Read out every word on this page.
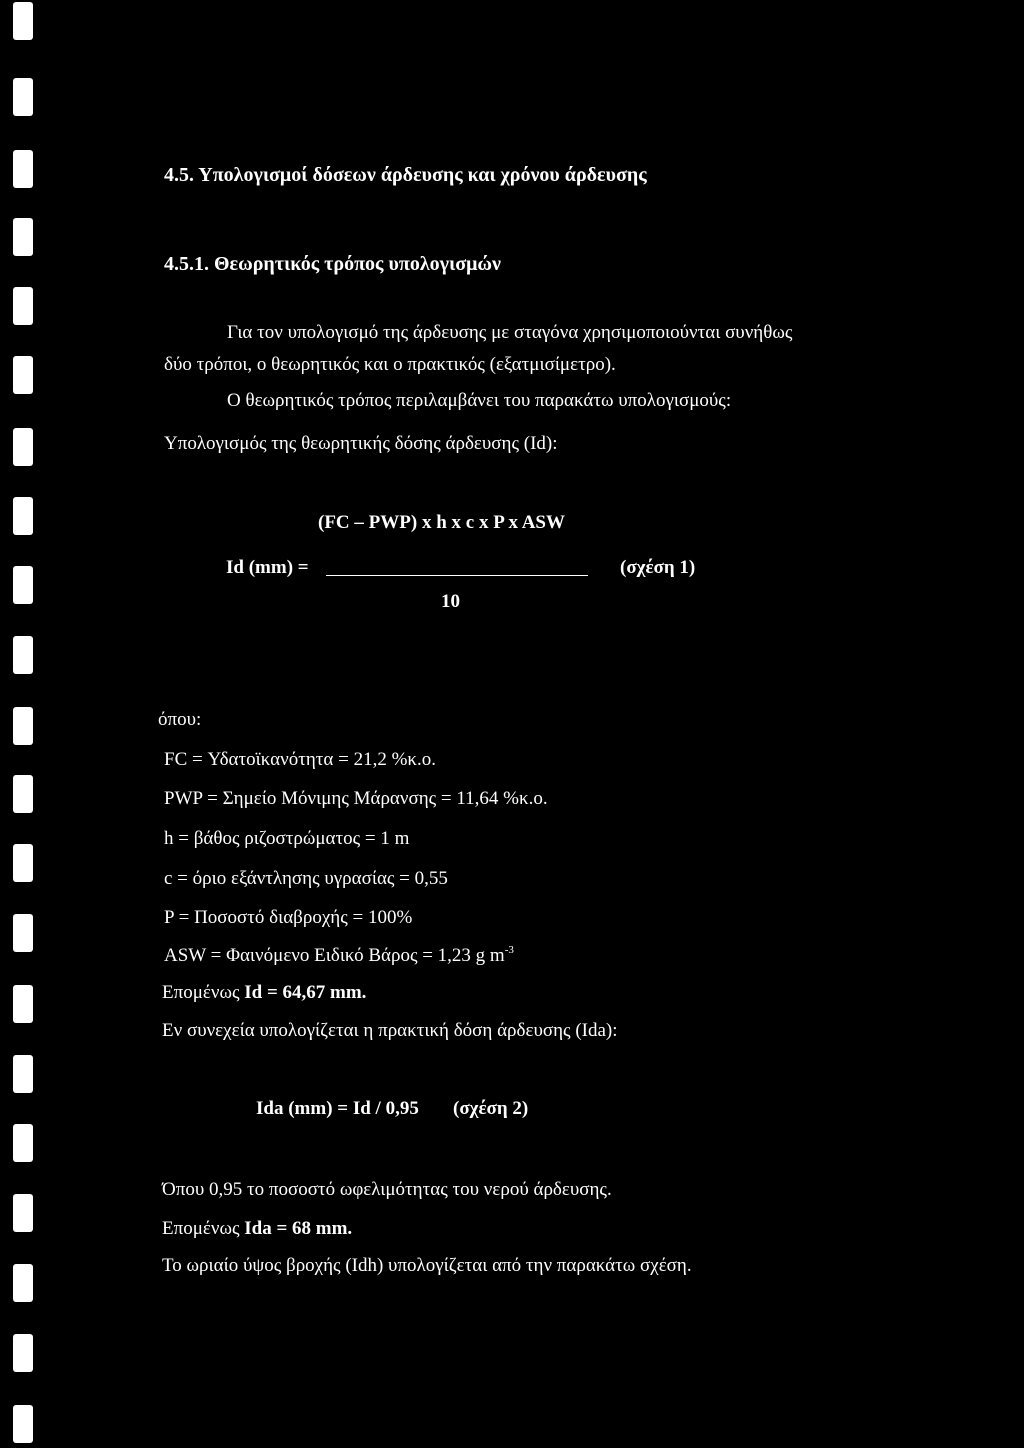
4.5. Υπολογισμοί δόσεων άρδευσης και χρόνου άρδευσης
4.5.1. Θεωρητικός τρόπος υπολογισμών
Για τον υπολογισμό της άρδευσης με σταγόνα χρησιμοποιούνται συνήθως
δύο τρόποι, ο θεωρητικός και ο πρακτικός (εξατμισίμετρο).
Ο θεωρητικός τρόπος περιλαμβάνει του παρακάτω υπολογισμούς:
Υπολογισμός της θεωρητικής δόσης άρδευσης (Id):
(FC – PWP) x h x c x P x ASW
Id (mm) =	(σχέση 1)
10
όπου:
FC = Υδατοϊκανότητα = 21,2 %κ.ο.
PWP = Σημείο Μόνιμης Μάρανσης = 11,64 %κ.ο.
h = βάθος ριζοστρώματος = 1 m
c = όριο εξάντλησης υγρασίας = 0,55
P = Ποσοστό διαβροχής = 100%
ASW = Φαινόμενο Ειδικό Βάρος = 1,23 g $m^{-3}$
Επομένως Id = 64,67 mm.
Εν συνεχεία υπολογίζεται η πρακτική δόση άρδευσης (Ida):
Ida (mm) = Id / 0,95 (σχέση 2)
Όπου 0,95 το ποσοστό ωφελιμότητας του νερού άρδευσης.
Επομένως Ida = 68 mm.
Το ωριαίο ύψος βροχής (Idh) υπολογίζεται από την παρακάτω σχέση.
